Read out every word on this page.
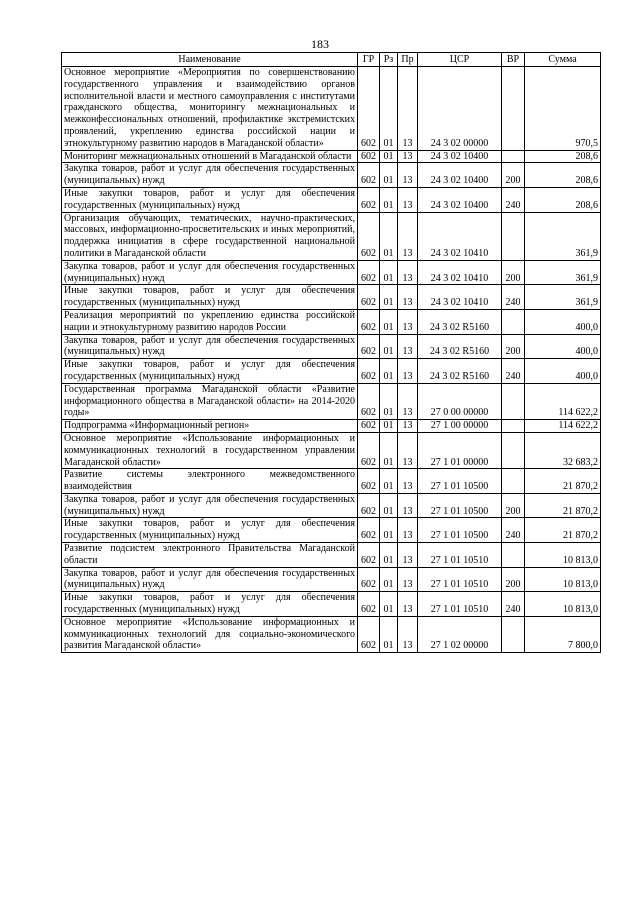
183
Наименование	ГР	Рз	Пр	ЦСР	ВР	Сумма
Основное мероприятие «Мероприятия по совершенствованию государственного управления и взаимодействию органов исполнительной власти и местного самоуправления с институтами гражданского общества, мониторингу межнациональных и межконфессиональных отношений, профилактике экстремистских проявлений, укреплению единства российской нации и этнокультурному развитию народов в Магаданской области»	602	01	13	24 3 02 00000		970,5
Мониторинг межнациональных отношений в Магаданской области	602	01	13	24 3 02 10400		208,6
Закупка товаров, работ и услуг для обеспечения государственных (муниципальных) нужд	602	01	13	24 3 02 10400	200	208,6
Иные закупки товаров, работ и услуг для обеспечения государственных (муниципальных) нужд	602	01	13	24 3 02 10400	240	208,6
Организация обучающих, тематических, научно-практических, массовых, информационно-просветительских и иных мероприятий, поддержка инициатив в сфере государственной национальной политики в Магаданской области	602	01	13	24 3 02 10410		361,9
Закупка товаров, работ и услуг для обеспечения государственных (муниципальных) нужд	602	01	13	24 3 02 10410	200	361,9
Иные закупки товаров, работ и услуг для обеспечения государственных (муниципальных) нужд	602	01	13	24 3 02 10410	240	361,9
Реализация мероприятий по укреплению единства российской нации и этнокультурному развитию народов России	602	01	13	24 3 02 R5160		400,0
Закупка товаров, работ и услуг для обеспечения государственных (муниципальных) нужд	602	01	13	24 3 02 R5160	200	400,0
Иные закупки товаров, работ и услуг для обеспечения государственных (муниципальных) нужд	602	01	13	24 3 02 R5160	240	400,0
Государственная программа Магаданской области «Развитие информационного общества в Магаданской области» на 2014-2020 годы»	602	01	13	27 0 00 00000		114 622,2
Подпрограмма «Информационный регион»	602	01	13	27 1 00 00000		114 622,2
Основное мероприятие «Использование информационных и коммуникационных технологий в государственном управлении Магаданской области»	602	01	13	27 1 01 00000		32 683,2
Развитие системы электронного межведомственного взаимодействия	602	01	13	27 1 01 10500		21 870,2
Закупка товаров, работ и услуг для обеспечения государственных (муниципальных) нужд	602	01	13	27 1 01 10500	200	21 870,2
Иные закупки товаров, работ и услуг для обеспечения государственных (муниципальных) нужд	602	01	13	27 1 01 10500	240	21 870,2
Развитие подсистем электронного Правительства Магаданской области	602	01	13	27 1 01 10510		10 813,0
Закупка товаров, работ и услуг для обеспечения государственных (муниципальных) нужд	602	01	13	27 1 01 10510	200	10 813,0
Иные закупки товаров, работ и услуг для обеспечения государственных (муниципальных) нужд	602	01	13	27 1 01 10510	240	10 813,0
Основное мероприятие «Использование информационных и коммуникационных технологий для социально-экономического развития Магаданской области»	602	01	13	27 1 02 00000		7 800,0
